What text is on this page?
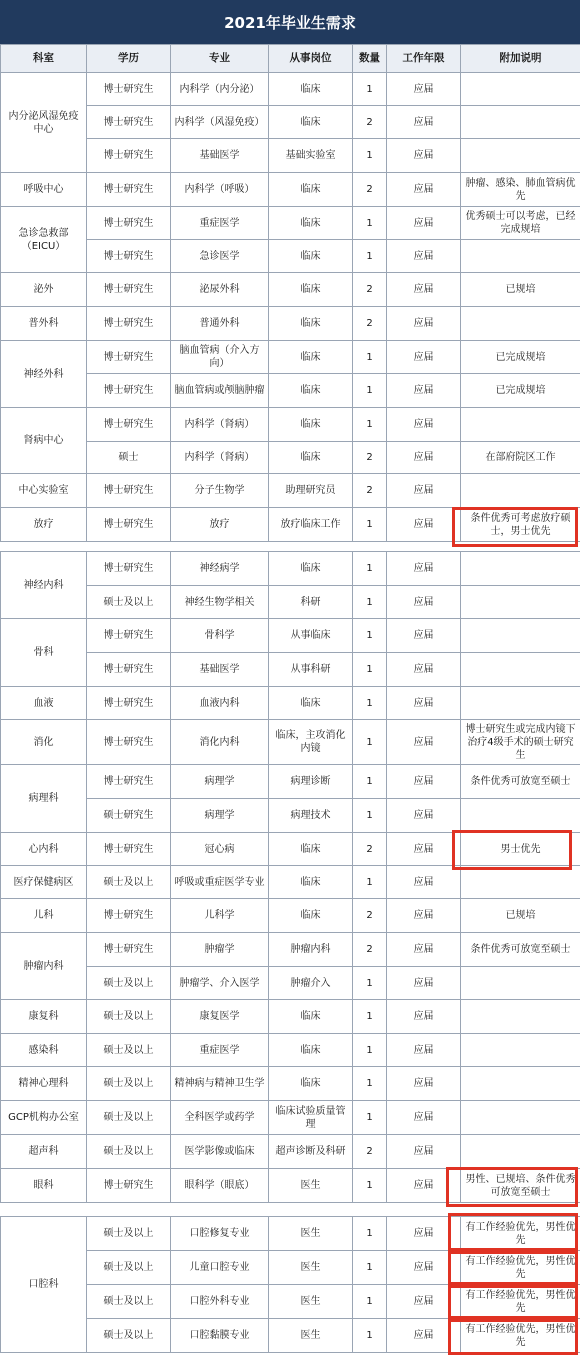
2021年毕业生需求
科室	学历	专业	从事岗位	数量	工作年限	附加说明
内分泌风湿免疫中心	博士研究生	内科学（内分泌）	临床	1	应届	
	博士研究生	内科学（风湿免疫）	临床	2	应届	
	博士研究生	基础医学	基础实验室	1	应届	
呼吸中心	博士研究生	内科学（呼吸）	临床	2	应届	肿瘤、感染、肺血管病优先
急诊急救部（EICU）	博士研究生	重症医学	临床	1	应届	优秀硕士可以考虑，已经完成规培
	博士研究生	急诊医学	临床	1	应届	
泌外	博士研究生	泌尿外科	临床	2	应届	已规培
普外科	博士研究生	普通外科	临床	2	应届	
神经外科	博士研究生	脑血管病（介入方向）	临床	1	应届	已完成规培
	博士研究生	脑血管病或颅脑肿瘤	临床	1	应届	已完成规培
肾病中心	博士研究生	内科学（肾病）	临床	1	应届	
	硕士	内科学（肾病）	临床	2	应届	在部府院区工作
中心实验室	博士研究生	分子生物学	助理研究员	2	应届	
放疗	博士研究生	放疗	放疗临床工作	1	应届	条件优秀可考虑放疗硕士，男士优先
神经内科	博士研究生	神经病学	临床	1	应届	
	硕士及以上	神经生物学相关	科研	1	应届	
骨科	博士研究生	骨科学	从事临床	1	应届	
	博士研究生	基础医学	从事科研	1	应届	
血液	博士研究生	血液内科	临床	1	应届	
消化	博士研究生	消化内科	临床，主攻消化内镜	1	应届	博士研究生或完成内镜下治疗4级手术的硕士研究生
病理科	博士研究生	病理学	病理诊断	1	应届	条件优秀可放宽至硕士
	硕士研究生	病理学	病理技术	1	应届	
心内科	博士研究生	冠心病	临床	2	应届	男士优先
医疗保健病区	硕士及以上	呼吸或重症医学专业	临床	1	应届	
儿科	博士研究生	儿科学	临床	2	应届	已规培
肿瘤内科	博士研究生	肿瘤学	肿瘤内科	2	应届	条件优秀可放宽至硕士
	硕士及以上	肿瘤学、介入医学	肿瘤介入	1	应届	
康复科	硕士及以上	康复医学	临床	1	应届	
感染科	硕士及以上	重症医学	临床	1	应届	
精神心理科	硕士及以上	精神病与精神卫生学	临床	1	应届	
GCP机构办公室	硕士及以上	全科医学或药学	临床试验质量管理	1	应届	
超声科	硕士及以上	医学影像或临床	超声诊断及科研	2	应届	
眼科	博士研究生	眼科学（眼底）	医生	1	应届	男性、已规培、条件优秀可放宽至硕士
口腔科	硕士及以上	口腔修复专业	医生	1	应届	有工作经验优先，男性优先
	硕士及以上	儿童口腔专业	医生	1	应届	有工作经验优先，男性优先
	硕士及以上	口腔外科专业	医生	1	应届	有工作经验优先，男性优先
	硕士及以上	口腔黏膜专业	医生	1	应届	有工作经验优先，男性优先
